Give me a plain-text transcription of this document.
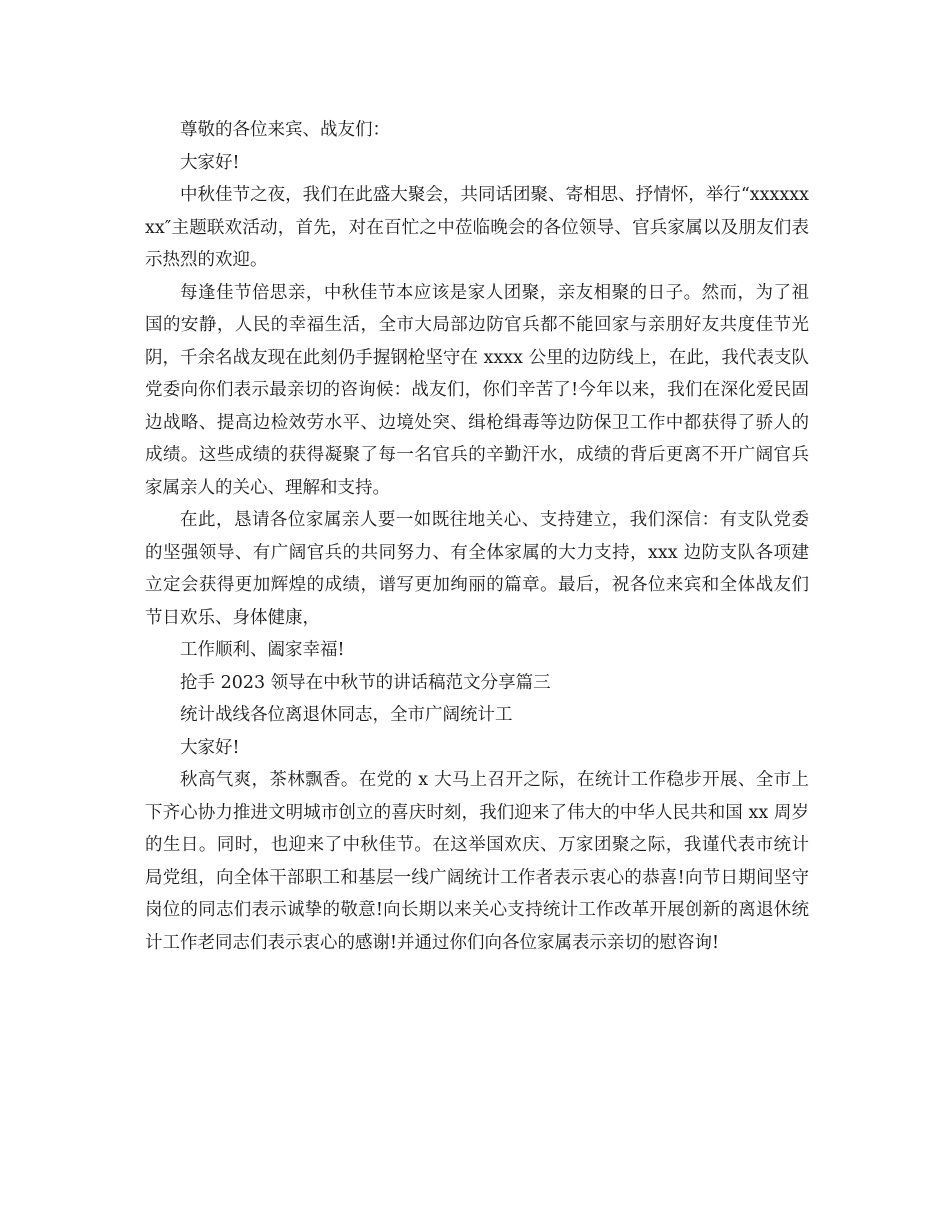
尊敬的各位来宾、战友们：

大家好!

中秋佳节之夜，我们在此盛大聚会，共同话团聚、寄相思、抒情怀，举行“xxxxxxxx″主题联欢活动，首先，对在百忙之中莅临晚会的各位领导、官兵家属以及朋友们表示热烈的欢迎。

每逢佳节倍思亲，中秋佳节本应该是家人团聚，亲友相聚的日子。然而，为了祖国的安静，人民的幸福生活，全市大局部边防官兵都不能回家与亲朋好友共度佳节光阴，千余名战友现在此刻仍手握钢枪坚守在 xxxx 公里的边防线上，在此，我代表支队党委向你们表示最亲切的咨询候：战友们，你们辛苦了!今年以来，我们在深化爱民固边战略、提高边检效劳水平、边境处突、缉枪缉毒等边防保卫工作中都获得了骄人的成绩。这些成绩的获得凝聚了每一名官兵的辛勤汗水，成绩的背后更离不开广阔官兵家属亲人的关心、理解和支持。

在此，恳请各位家属亲人要一如既往地关心、支持建立，我们深信：有支队党委的坚强领导、有广阔官兵的共同努力、有全体家属的大力支持，xxx 边防支队各项建立定会获得更加辉煌的成绩，谱写更加绚丽的篇章。最后，祝各位来宾和全体战友们节日欢乐、身体健康，

工作顺利、阖家幸福!

抢手 2023 领导在中秋节的讲话稿范文分享篇三

统计战线各位离退休同志，全市广阔统计工

大家好!

秋高气爽，茶林飘香。在党的 x 大马上召开之际，在统计工作稳步开展、全市上下齐心协力推进文明城市创立的喜庆时刻，我们迎来了伟大的中华人民共和国 xx 周岁的生日。同时，也迎来了中秋佳节。在这举国欢庆、万家团聚之际，我谨代表市统计局党组，向全体干部职工和基层一线广阔统计工作者表示衷心的恭喜!向节日期间坚守岗位的同志们表示诚挚的敬意!向长期以来关心支持统计工作改革开展创新的离退休统计工作老同志们表示衷心的感谢!并通过你们向各位家属表示亲切的慰咨询!
